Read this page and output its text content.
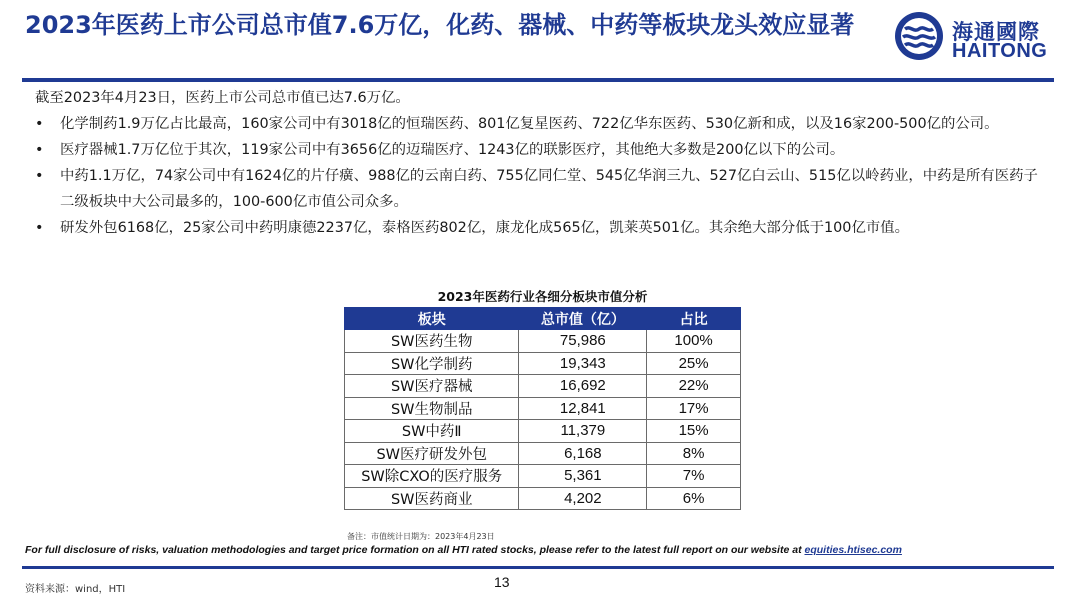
2023年医药上市公司总市值7.6万亿，化药、器械、中药等板块龙头效应显著	海通國際
HAITONG
截至2023年4月23日，医药上市公司总市值已达7.6万亿。
• 化学制药1.9万亿占比最高，160家公司中有3018亿的恒瑞医药、801亿复星医药、722亿华东医药、530亿新和成，以及16家200-500亿的公司。
• 医疗器械1.7万亿位于其次，119家公司中有3656亿的迈瑞医疗、1243亿的联影医疗，其他绝大多数是200亿以下的公司。
• 中药1.1万亿，74家公司中有1624亿的片仔癀、988亿的云南白药、755亿同仁堂、545亿华润三九、527亿白云山、515亿以岭药业，中药是所有医药子二级板块中大公司最多的，100-600亿市值公司众多。
• 研发外包6168亿，25家公司中药明康德2237亿，泰格医药802亿，康龙化成565亿，凯莱英501亿。其余绝大部分低于100亿市值。
2023年医药行业各细分板块市值分析
板块	总市值（亿）	占比
SW医药生物	75,986	100%
SW化学制药	19,343	25%
SW医疗器械	16,692	22%
SW生物制品	12,841	17%
SW中药Ⅱ	11,379	15%
SW医疗研发外包	6,168	8%
SW除CXO的医疗服务	5,361	7%
SW医药商业	4,202	6%
备注：市值统计日期为：2023年4月23日
For full disclosure of risks, valuation methodologies and target price formation on all HTI rated stocks, please refer to the latest full report on our website at equities.htisec.com
资料来源：wind，HTI	13
